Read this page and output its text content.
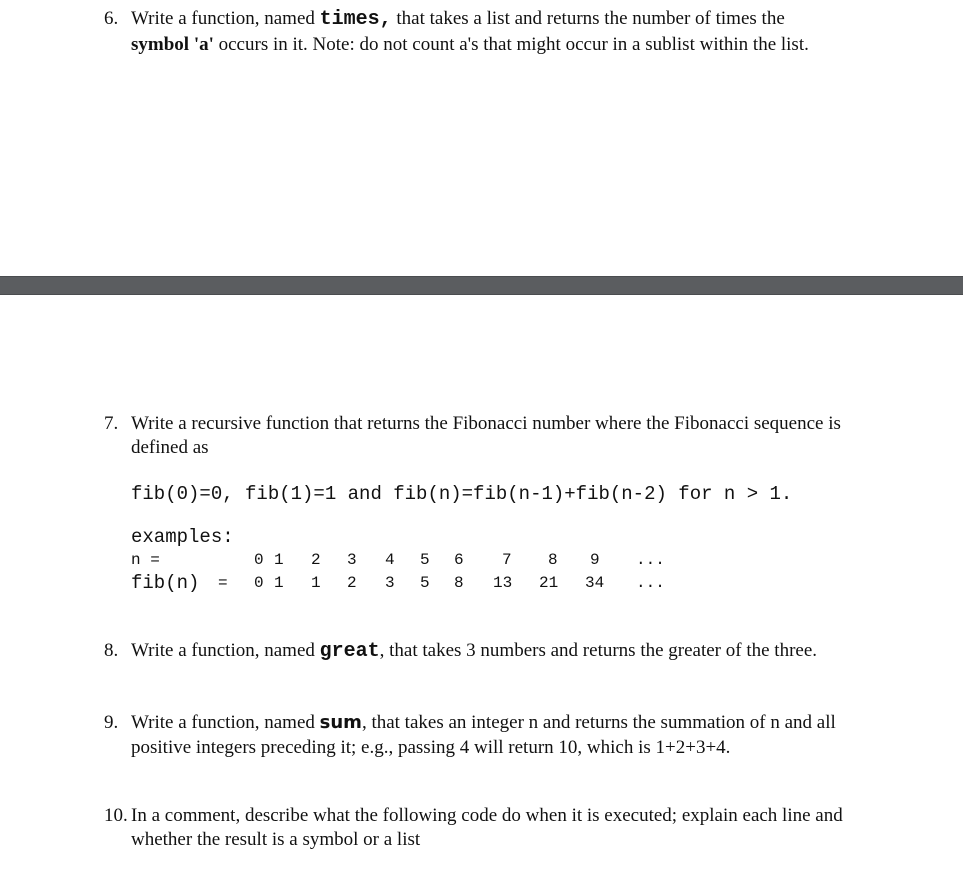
6. Write a function, named times, that takes a list and returns the number of times the
symbol 'a' occurs in it. Note: do not count a's that might occur in a sublist within the list.
7. Write a recursive function that returns the Fibonacci number where the Fibonacci sequence is
defined as
fib(0)=0, fib(1)=1 and fib(n)=fib(n-1)+fib(n-2) for n > 1.
examples:
n =
fib(n) =
0 1 2 3 4 5 6 7 8 9 ...
0 1 1 2 3 5 8 13 21 34 ...
8. Write a function, named great, that takes 3 numbers and returns the greater of the three.
9. Write a function, named sum, that takes an integer n and returns the summation of n and all
positive integers preceding it; e.g., passing 4 will return 10, which is 1+2+3+4.
10. In a comment, describe what the following code do when it is executed; explain each line and
whether the result is a symbol or a list
